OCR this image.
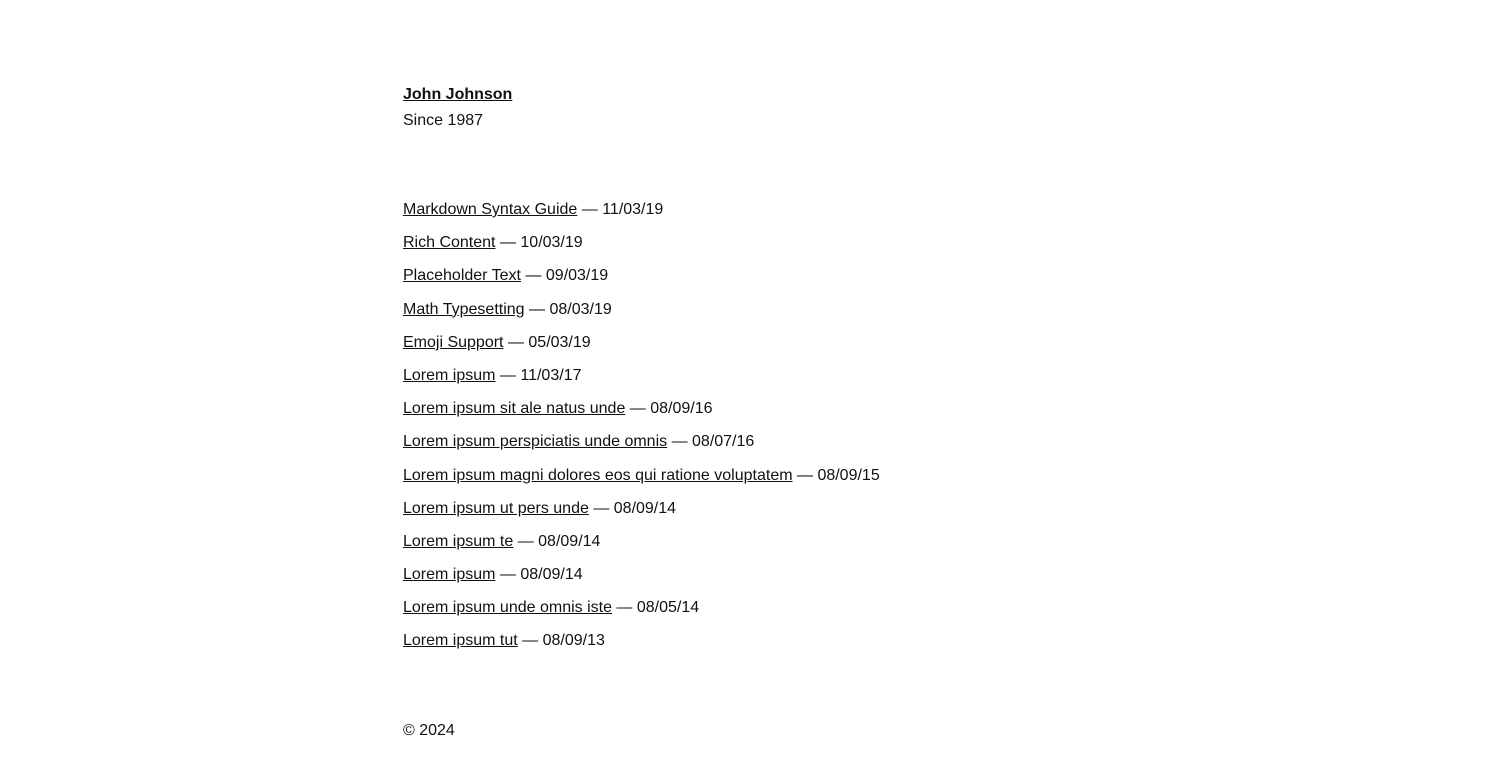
John Johnson
Since 1987
Markdown Syntax Guide — 11/03/19
Rich Content — 10/03/19
Placeholder Text — 09/03/19
Math Typesetting — 08/03/19
Emoji Support — 05/03/19
Lorem ipsum — 11/03/17
Lorem ipsum sit ale natus unde — 08/09/16
Lorem ipsum perspiciatis unde omnis — 08/07/16
Lorem ipsum magni dolores eos qui ratione voluptatem — 08/09/15
Lorem ipsum ut pers unde — 08/09/14
Lorem ipsum te — 08/09/14
Lorem ipsum — 08/09/14
Lorem ipsum unde omnis iste — 08/05/14
Lorem ipsum tut — 08/09/13
© 2024
